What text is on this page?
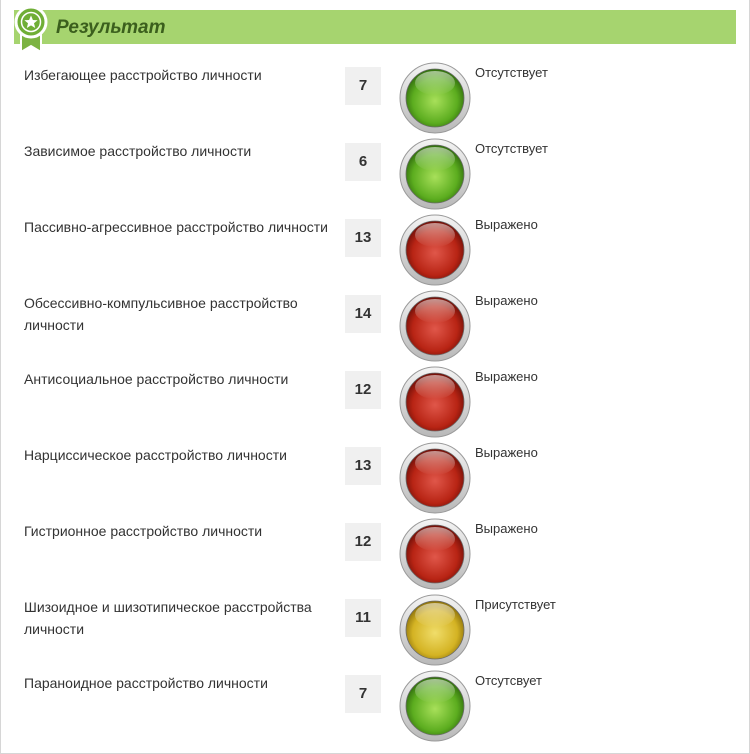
Результат
Избегающее расстройство личности
7
Отсутствует
Зависимое расстройство личности
6
Отсутствует
Пассивно-агрессивное расстройство личности
13
Выражено
Обсессивно-компульсивное расстройство личности
14
Выражено
Антисоциальное расстройство личности
12
Выражено
Нарциссическое расстройство личности
13
Выражено
Гистрионное расстройство личности
12
Выражено
Шизоидное и шизотипическое расстройства личности
11
Присутствует
Параноидное расстройство личности
7
Отсутсвует
